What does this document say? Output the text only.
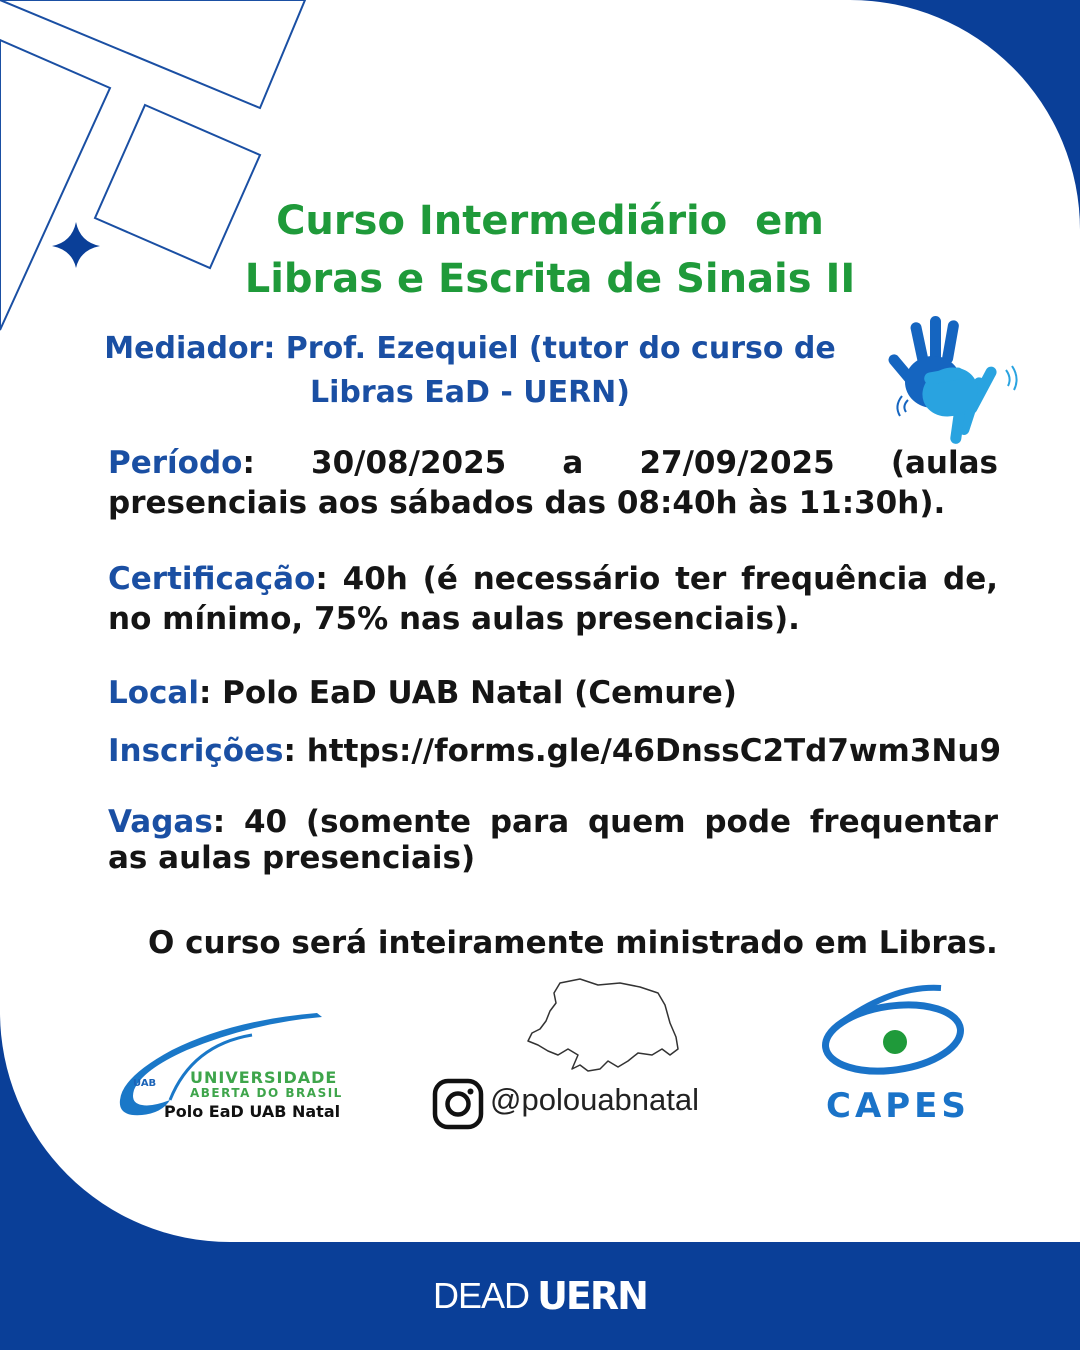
Curso Intermediário  em
Libras e Escrita de Sinais II
Mediador: Prof. Ezequiel (tutor do curso de
Libras EaD - UERN)
Período: 30/08/2025 a 27/09/2025 (aulas presenciais aos sábados das 08:40h às 11:30h).
Certificação: 40h (é necessário ter frequência de, no mínimo, 75% nas aulas presenciais).
Local: Polo EaD UAB Natal (Cemure)
Inscrições: https://forms.gle/46DnssC2Td7wm3Nu9
Vagas: 40 (somente para quem pode frequentar as aulas presenciais)
O curso será inteiramente ministrado em Libras.
UAB UNIVERSIDADE
ABERTA DO BRASIL
Polo EaD UAB Natal	@polouabnatal	CAPES
DEAD UERN
